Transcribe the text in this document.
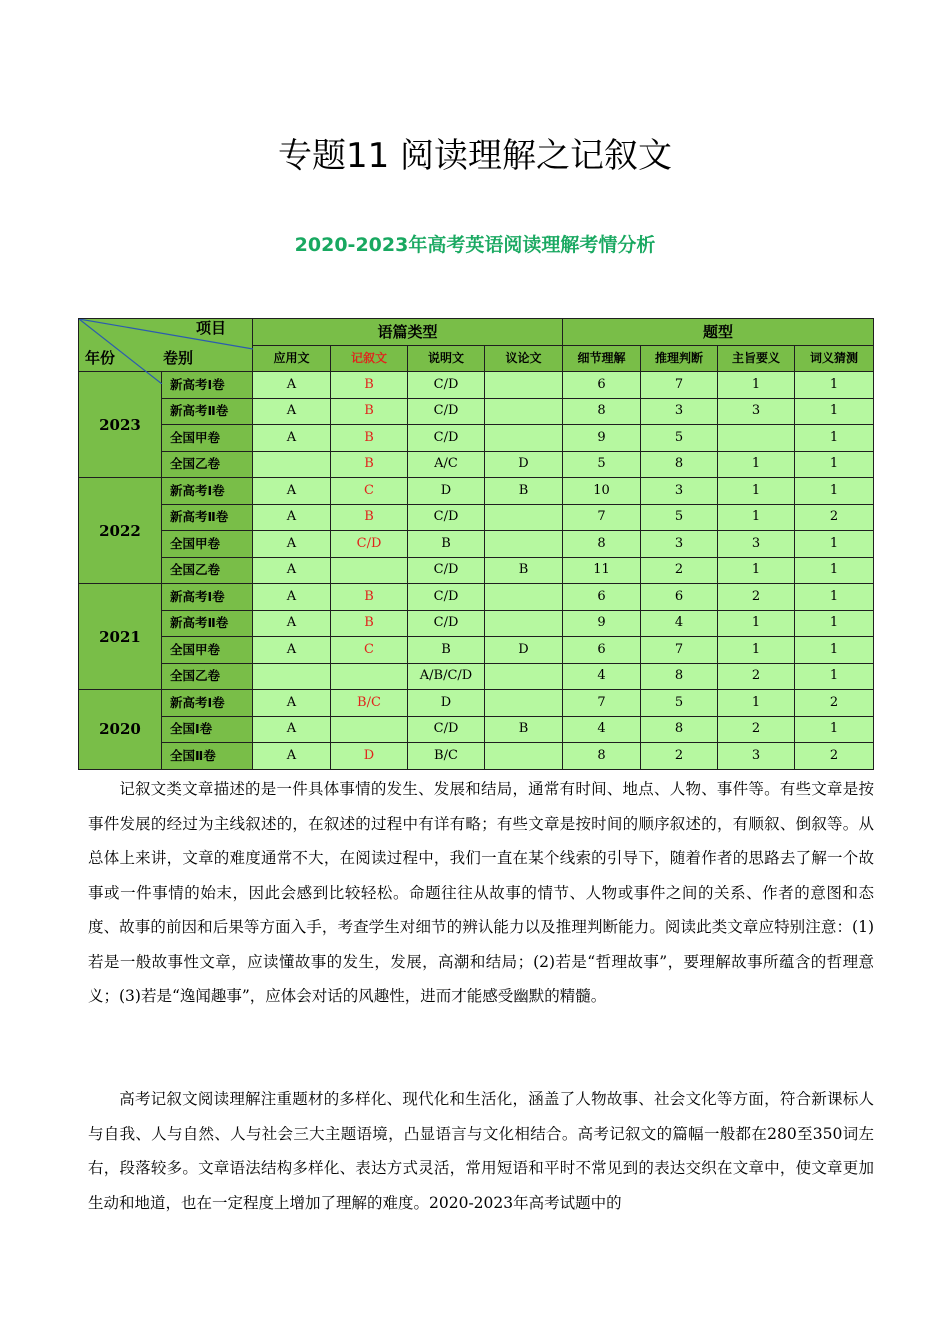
专题11 阅读理解之记叙文
2020-2023年高考英语阅读理解考情分析
项目
年份 卷别		语篇类型				题型			
		应用文	记叙文	说明文	议论文	细节理解	推理判断	主旨要义	词义猜测
2023	新高考Ⅰ卷	A	B	C/D		6	7	1	1
	新高考Ⅱ卷	A	B	C/D		8	3	3	1
	全国甲卷	A	B	C/D		9	5		1
	全国乙卷		B	A/C	D	5	8	1	1
2022	新高考Ⅰ卷	A	C	D	B	10	3	1	1
	新高考Ⅱ卷	A	B	C/D		7	5	1	2
	全国甲卷	A	C/D	B		8	3	3	1
	全国乙卷	A		C/D	B	11	2	1	1
2021	新高考Ⅰ卷	A	B	C/D		6	6	2	1
	新高考Ⅱ卷	A	B	C/D		9	4	1	1
	全国甲卷	A	C	B	D	6	7	1	1
	全国乙卷			A/B/C/D		4	8	2	1
2020	新高考Ⅰ卷	A	B/C	D		7	5	1	2
	全国Ⅰ卷	A		C/D	B	4	8	2	1
	全国Ⅱ卷	A	D	B/C		8	2	3	2
记叙文类文章描述的是一件具体事情的发生、发展和结局，通常有时间、地点、人物、事件等。有些文章是按事件发展的经过为主线叙述的，在叙述的过程中有详有略；有些文章是按时间的顺序叙述的，有顺叙、倒叙等。从总体上来讲，文章的难度通常不大，在阅读过程中，我们一直在某个线索的引导下，随着作者的思路去了解一个故事或一件事情的始末，因此会感到比较轻松。命题往往从故事的情节、人物或事件之间的关系、作者的意图和态度、故事的前因和后果等方面入手，考查学生对细节的辨认能力以及推理判断能力。阅读此类文章应特别注意：(1)若是一般故事性文章，应读懂故事的发生，发展，高潮和结局；(2)若是“哲理故事”，要理解故事所蕴含的哲理意义；(3)若是“逸闻趣事”，应体会对话的风趣性，进而才能感受幽默的精髓。
高考记叙文阅读理解注重题材的多样化、现代化和生活化，涵盖了人物故事、社会文化等方面，符合新课标人与自我、人与自然、人与社会三大主题语境，凸显语言与文化相结合。高考记叙文的篇幅一般都在280至350词左右，段落较多。文章语法结构多样化、表达方式灵活，常用短语和平时不常见到的表达交织在文章中，使文章更加生动和地道，也在一定程度上增加了理解的难度。2020-2023年高考试题中的
